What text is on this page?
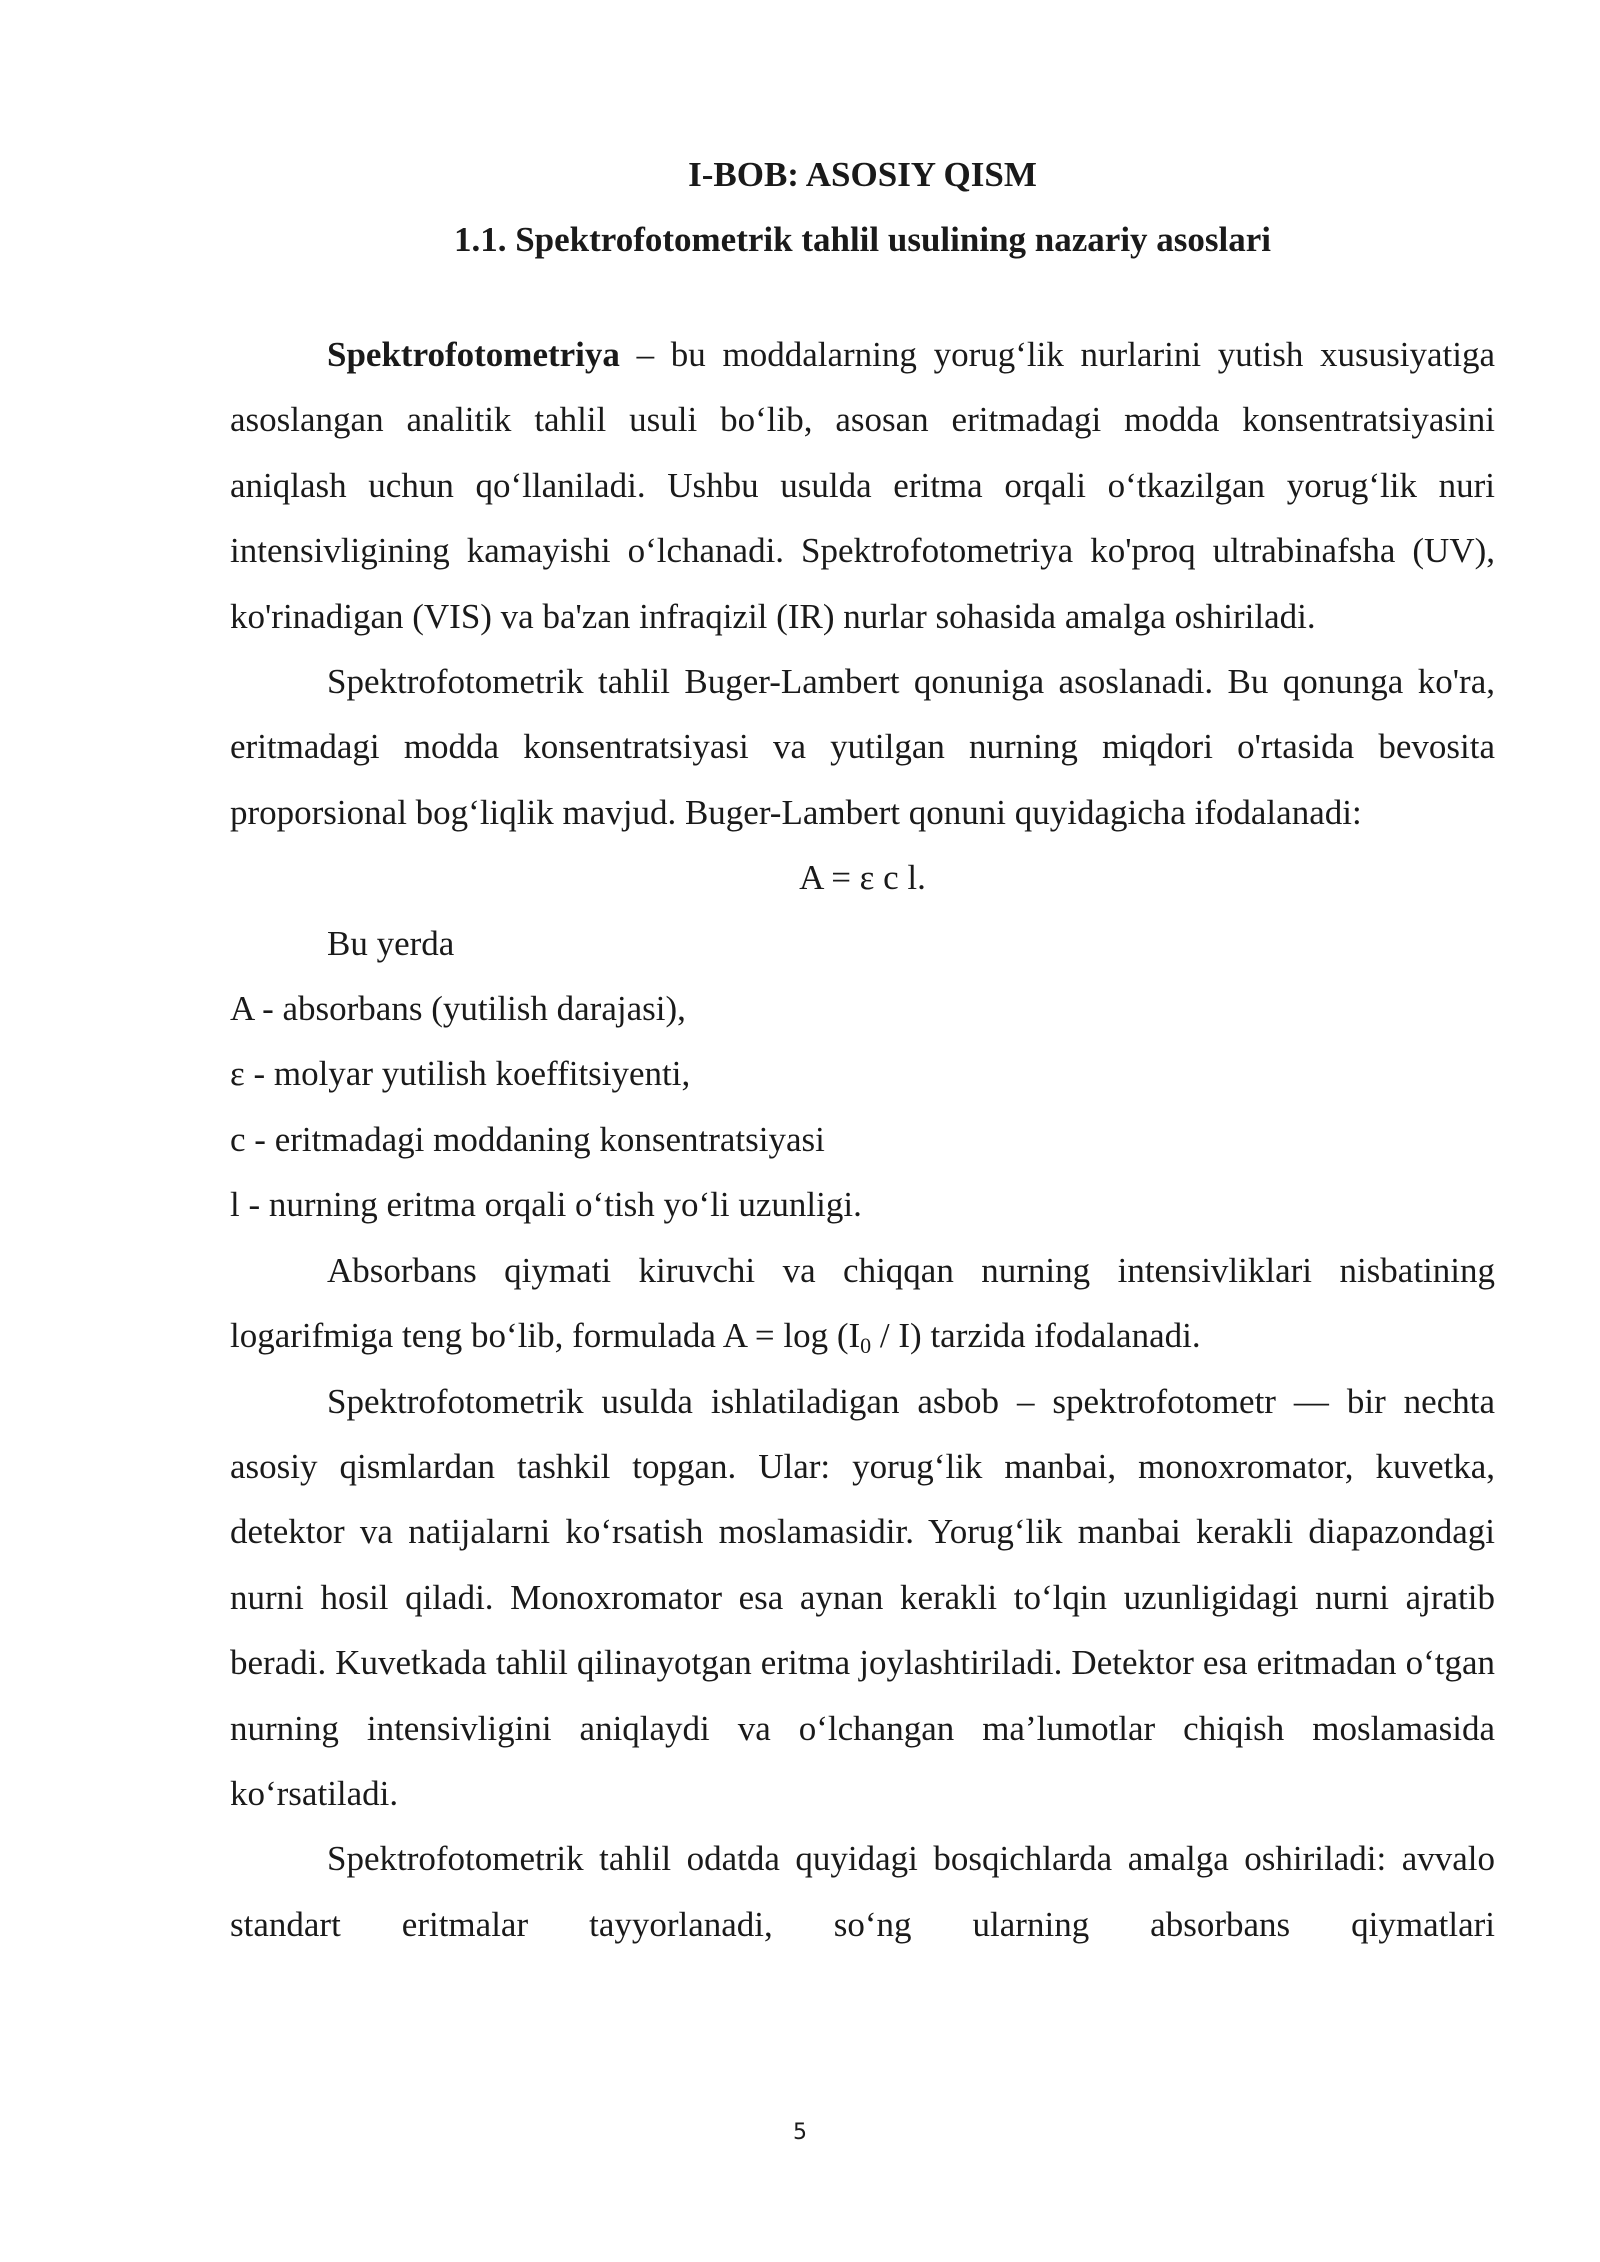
I-BOB: ASOSIY QISM
1.1. Spektrofotometrik tahlil usulining nazariy asoslari

Spektrofotometriya – bu moddalarning yorug‘lik nurlarini yutish xususiyatiga asoslangan analitik tahlil usuli bo‘lib, asosan eritmadagi modda konsentratsiyasini aniqlash uchun qo‘llaniladi. Ushbu usulda eritma orqali o‘tkazilgan yorug‘lik nuri intensivligining kamayishi o‘lchanadi. Spektrofotometriya ko'proq ultrabinafsha (UV), ko'rinadigan (VIS) va ba'zan infraqizil (IR) nurlar sohasida amalga oshiriladi.

Spektrofotometrik tahlil Buger-Lambert qonuniga asoslanadi. Bu qonunga ko'ra, eritmadagi modda konsentratsiyasi va yutilgan nurning miqdori o'rtasida bevosita proporsional bog‘liqlik mavjud. Buger-Lambert qonuni quyidagicha ifodalanadi:

A = ε c l.

Bu yerda

A - absorbans (yutilish darajasi),

ε - molyar yutilish koeffitsiyenti,

c - eritmadagi moddaning konsentratsiyasi

l - nurning eritma orqali o‘tish yo‘li uzunligi.

Absorbans qiymati kiruvchi va chiqqan nurning intensivliklari nisbatining logarifmiga teng bo‘lib, formulada $A = \log (I_0 / I)$ tarzida ifodalanadi.

Spektrofotometrik usulda ishlatiladigan asbob – spektrofotometr — bir nechta asosiy qismlardan tashkil topgan. Ular: yorug‘lik manbai, monoxromator, kuvetka, detektor va natijalarni ko‘rsatish moslamasidir. Yorug‘lik manbai kerakli diapazondagi nurni hosil qiladi. Monoxromator esa aynan kerakli to‘lqin uzunligidagi nurni ajratib beradi. Kuvetkada tahlil qilinayotgan eritma joylashtiriladi. Detektor esa eritmadan o‘tgan nurning intensivligini aniqlaydi va o‘lchangan ma’lumotlar chiqish moslamasida ko‘rsatiladi.

Spektrofotometrik tahlil odatda quyidagi bosqichlarda amalga oshiriladi: avvalo standart eritmalar tayyorlanadi, so‘ng ularning absorbans qiymatlari

5
